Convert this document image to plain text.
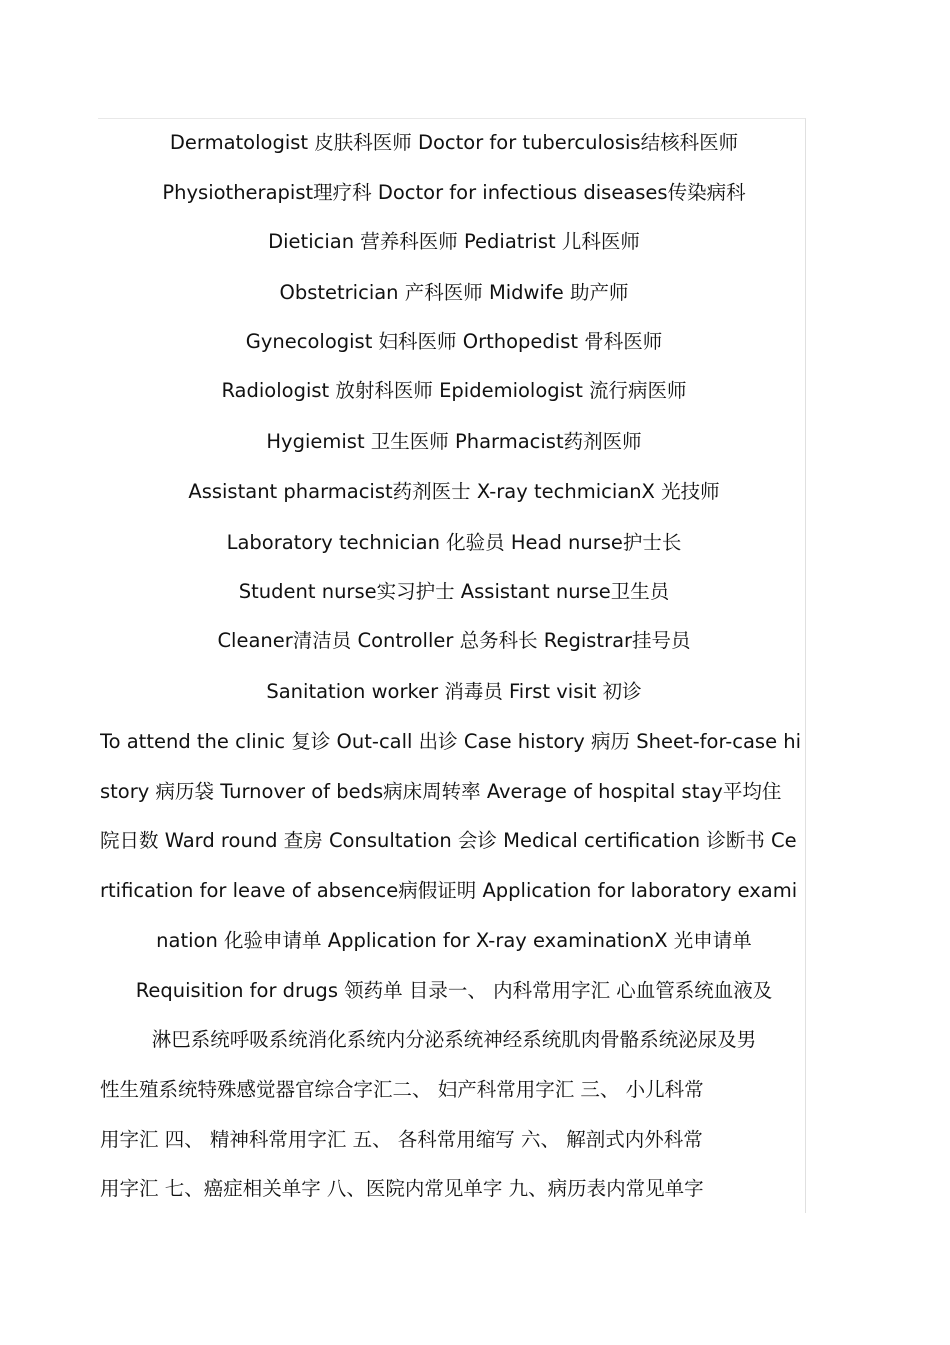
Dermatologist 皮肤科医师 Doctor for tuberculosis结核科医师
Physiotherapist理疗科 Doctor for infectious diseases传染病科
Dietician 营养科医师 Pediatrist 儿科医师
Obstetrician 产科医师 Midwife 助产师
Gynecologist 妇科医师 Orthopedist 骨科医师
Radiologist 放射科医师 Epidemiologist 流行病医师
Hygiemist 卫生医师 Pharmacist药剂医师
Assistant pharmacist药剂医士 X-ray techmicianX 光技师
Laboratory technician 化验员 Head nurse护士长
Student nurse实习护士 Assistant nurse卫生员
Cleaner清洁员 Controller 总务科长 Registrar挂号员
Sanitation worker 消毒员 First visit 初诊
To attend the clinic 复诊 Out-call 出诊 Case history 病历 Sheet-for-case hi
story 病历袋 Turnover of beds病床周转率 Average of hospital stay平均住
院日数 Ward round 查房 Consultation 会诊 Medical certification 诊断书 Ce
rtification for leave of absence病假证明 Application for laboratory exami
nation 化验申请单 Application for X-ray examinationX 光申请单
Requisition for drugs 领药单 目录一、 内科常用字汇 心血管系统血液及
淋巴系统呼吸系统消化系统内分泌系统神经系统肌肉骨骼系统泌尿及男
性生殖系统特殊感觉器官综合字汇二、 妇产科常用字汇 三、 小儿科常
用字汇 四、 精神科常用字汇 五、 各科常用缩写 六、 解剖式内外科常
用字汇 七、癌症相关单字 八、医院内常见单字 九、病历表内常见单字
